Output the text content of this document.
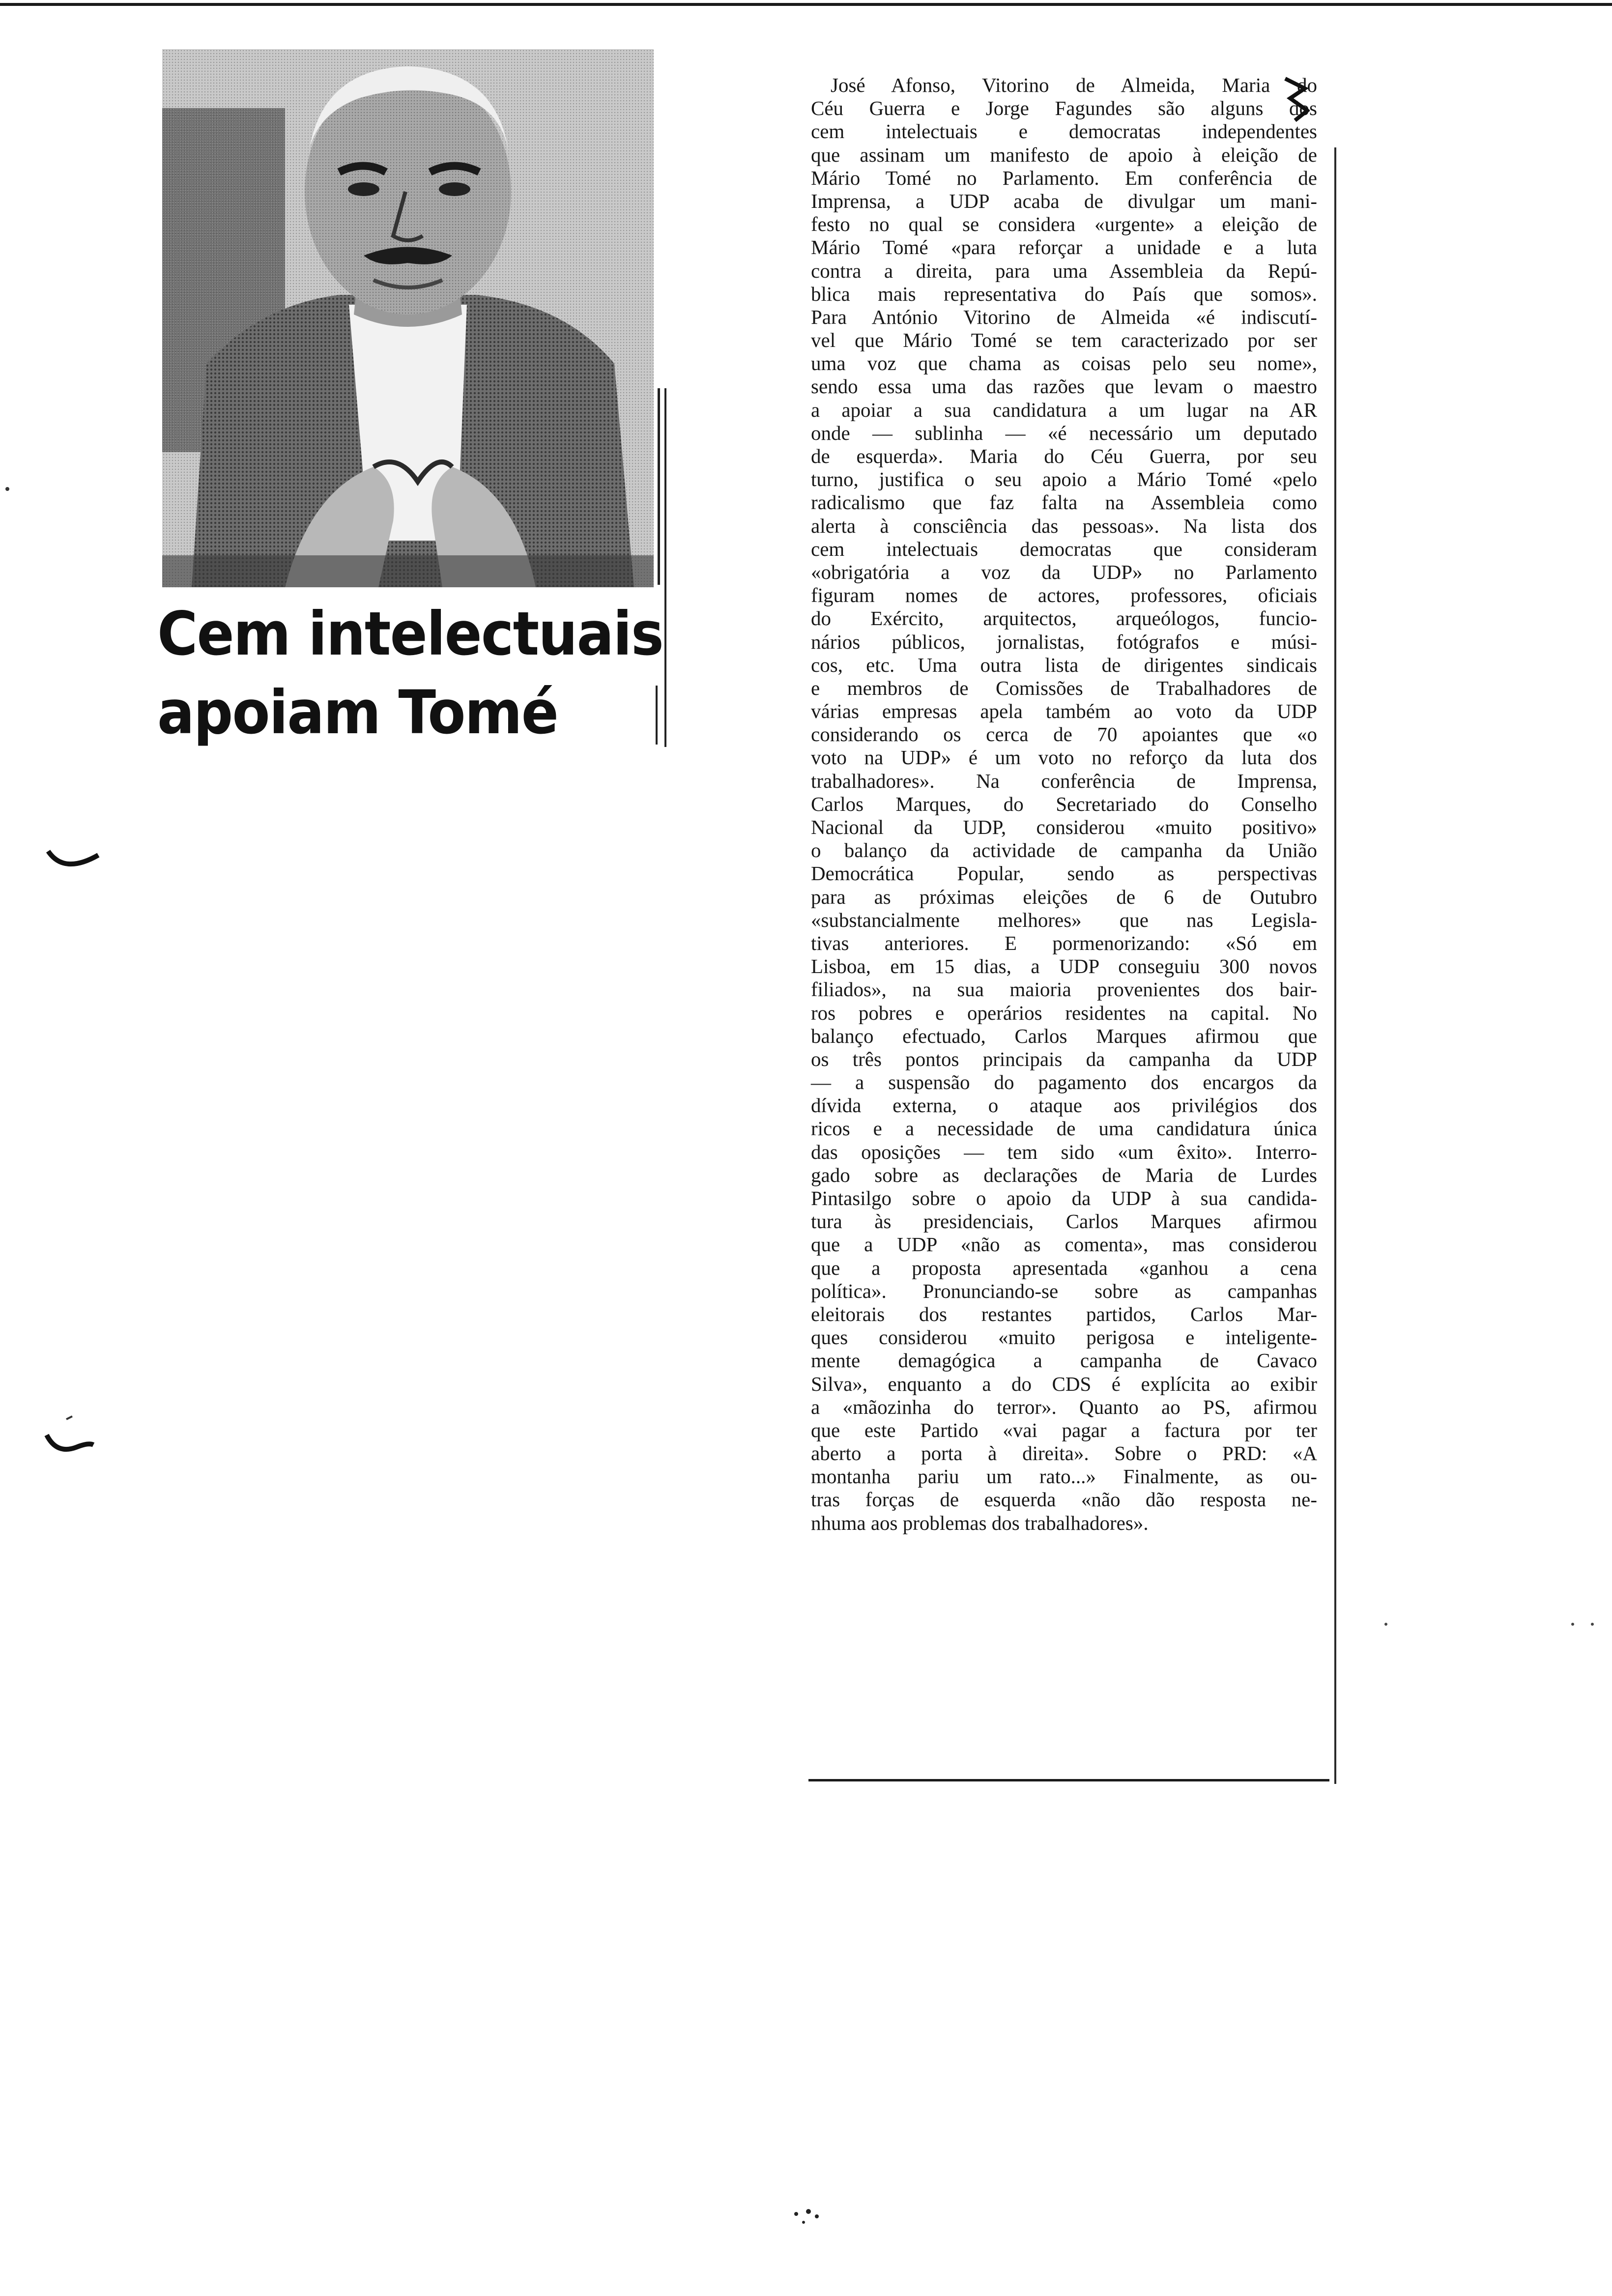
Cem intelectuais
apoiam Tomé
José Afonso, Vitorino de Almeida, Maria do
Céu Guerra e Jorge Fagundes são alguns dos
cem intelectuais e democratas independentes
que assinam um manifesto de apoio à eleição de
Mário Tomé no Parlamento. Em conferência de
Imprensa, a UDP acaba de divulgar um mani-
festo no qual se considera «urgente» a eleição de
Mário Tomé «para reforçar a unidade e a luta
contra a direita, para uma Assembleia da Repú-
blica mais representativa do País que somos».
Para António Vitorino de Almeida «é indiscutí-
vel que Mário Tomé se tem caracterizado por ser
uma voz que chama as coisas pelo seu nome»,
sendo essa uma das razões que levam o maestro
a apoiar a sua candidatura a um lugar na AR
onde — sublinha — «é necessário um deputado
de esquerda». Maria do Céu Guerra, por seu
turno, justifica o seu apoio a Mário Tomé «pelo
radicalismo que faz falta na Assembleia como
alerta à consciência das pessoas». Na lista dos
cem intelectuais democratas que consideram
«obrigatória a voz da UDP» no Parlamento
figuram nomes de actores, professores, oficiais
do Exército, arquitectos, arqueólogos, funcio-
nários públicos, jornalistas, fotógrafos e músi-
cos, etc. Uma outra lista de dirigentes sindicais
e membros de Comissões de Trabalhadores de
várias empresas apela também ao voto da UDP
considerando os cerca de 70 apoiantes que «o
voto na UDP» é um voto no reforço da luta dos
trabalhadores». Na conferência de Imprensa,
Carlos Marques, do Secretariado do Conselho
Nacional da UDP, considerou «muito positivo»
o balanço da actividade de campanha da União
Democrática Popular, sendo as perspectivas
para as próximas eleições de 6 de Outubro
«substancialmente melhores» que nas Legisla-
tivas anteriores. E pormenorizando: «Só em
Lisboa, em 15 dias, a UDP conseguiu 300 novos
filiados», na sua maioria provenientes dos bair-
ros pobres e operários residentes na capital. No
balanço efectuado, Carlos Marques afirmou que
os três pontos principais da campanha da UDP
— a suspensão do pagamento dos encargos da
dívida externa, o ataque aos privilégios dos
ricos e a necessidade de uma candidatura única
das oposições — tem sido «um êxito». Interro-
gado sobre as declarações de Maria de Lurdes
Pintasilgo sobre o apoio da UDP à sua candida-
tura às presidenciais, Carlos Marques afirmou
que a UDP «não as comenta», mas considerou
que a proposta apresentada «ganhou a cena
política». Pronunciando-se sobre as campanhas
eleitorais dos restantes partidos, Carlos Mar-
ques considerou «muito perigosa e inteligente-
mente demagógica a campanha de Cavaco
Silva», enquanto a do CDS é explícita ao exibir
a «mãozinha do terror». Quanto ao PS, afirmou
que este Partido «vai pagar a factura por ter
aberto a porta à direita». Sobre o PRD: «A
montanha pariu um rato...» Finalmente, as ou-
tras forças de esquerda «não dão resposta ne-
nhuma aos problemas dos trabalhadores».
